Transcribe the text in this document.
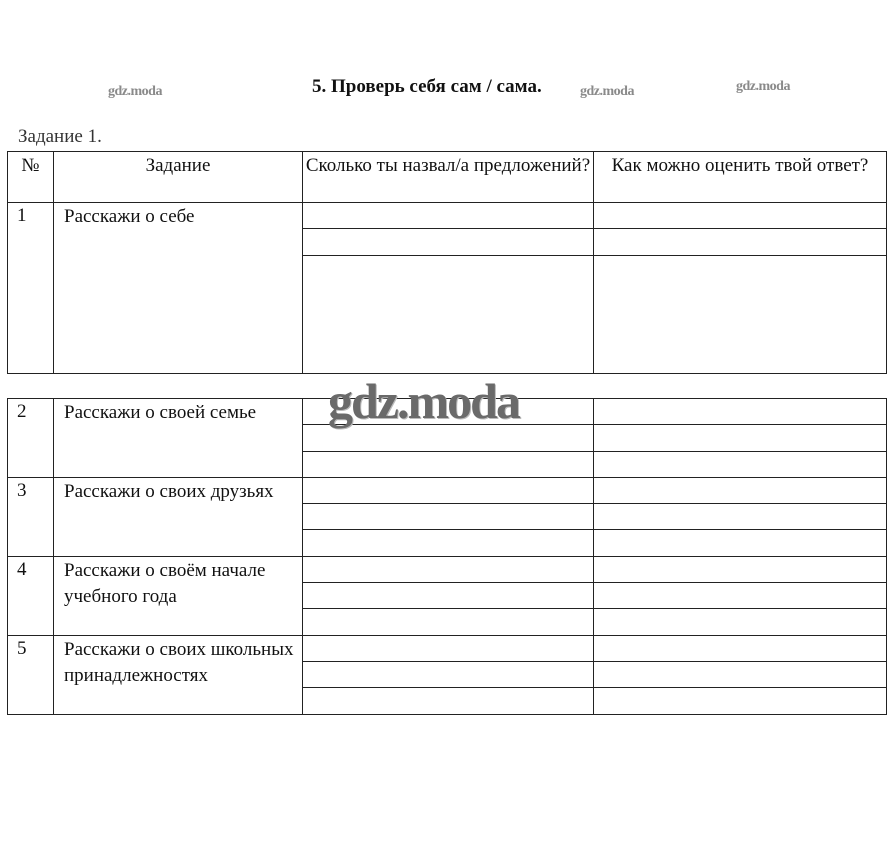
gdz.moda	5. Проверь себя сам / сама.	gdz.moda	gdz.moda
gdz.moda
Задание 1.
№	Задание	Сколько ты назвал/а предложений?	Как можно оценить твой ответ?
1	Расскажи о себе		

2	Расскажи о своей семье		

3	Расскажи о своих друзьях		

4	Расскажи о своём начале учебного года		

5	Расскажи о своих школьных принадлежностях		
